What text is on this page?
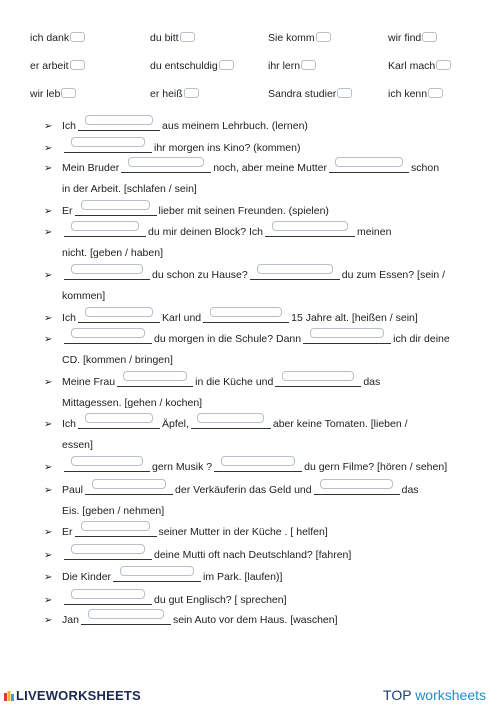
ich dank	du bitt	Sie komm	wir find
er arbeit	du entschuldig	ihr lern	Karl mach
wir leb	er heiß	Sandra studier	ich kenn
➢ Ich	aus meinem Lehrbuch. (lernen)
➢	ihr morgen ins Kino? (kommen)
➢ Mein Bruder	noch, aber meine Mutter	schon
in der Arbeit. [schlafen / sein]
➢ Er	lieber mit seinen Freunden. (spielen)
➢	du mir deinen Block? Ich	meinen
nicht. [geben / haben]
➢	du schon zu Hause?	du zum Essen? [sein /
kommen]
➢ Ich	Karl und	15 Jahre alt. [heißen / sein]
➢	du morgen in die Schule? Dann	ich dir deine
CD. [kommen / bringen]
➢ Meine Frau	in die Küche und	das
Mittagessen. [gehen / kochen]
➢ Ich	Äpfel,	aber keine Tomaten. [lieben /
essen]
➢	gern Musik ?	du gern Filme? [hören / sehen]
➢ Paul	der Verkäuferin das Geld und	das
Eis. [geben / nehmen]
➢ Er	seiner Mutter in der Küche . [ helfen]
➢	deine Mutti oft nach Deutschland? [fahren]
➢ Die Kinder	im Park. [laufen)]
➢	du gut Englisch? [ sprechen]
➢ Jan	sein Auto vor dem Haus. [waschen]
LIVEWORKSHEETS	TOP worksheets
